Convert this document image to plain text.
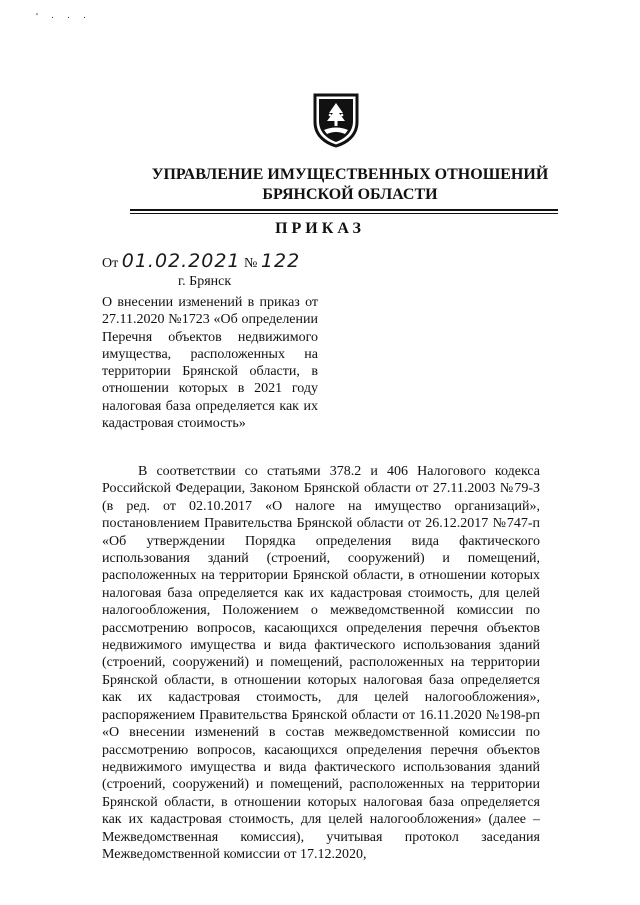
' · · ·
УПРАВЛЕНИЕ ИМУЩЕСТВЕННЫХ ОТНОШЕНИЙ
БРЯНСКОЙ ОБЛАСТИ
ПРИКАЗ
От 01.02.2021 № 122
г. Брянск
О внесении изменений в приказ от 27.11.2020 №1723 «Об определении Перечня объектов недвижимого имущества, расположенных на территории Брянской области, в отношении которых в 2021 году налоговая база определяется как их кадастровая стоимость»

В соответствии со статьями 378.2 и 406 Налогового кодекса Российской Федерации, Законом Брянской области от 27.11.2003 №79-З (в ред. от 02.10.2017 «О налоге на имущество организаций», постановлением Правительства Брянской области от 26.12.2017 №747-п «Об утверждении Порядка определения вида фактического использования зданий (строений, сооружений) и помещений, расположенных на территории Брянской области, в отношении которых налоговая база определяется как их кадастровая стоимость, для целей налогообложения, Положением о межведомственной комиссии по рассмотрению вопросов, касающихся определения перечня объектов недвижимого имущества и вида фактического использования зданий (строений, сооружений) и помещений, расположенных на территории Брянской области, в отношении которых налоговая база определяется как их кадастровая стоимость, для целей налогообложения», распоряжением Правительства Брянской области от 16.11.2020 №198-рп «О внесении изменений в состав межведомственной комиссии по рассмотрению вопросов, касающихся определения перечня объектов недвижимого имущества и вида фактического использования зданий (строений, сооружений) и помещений, расположенных на территории Брянской области, в отношении которых налоговая база определяется как их кадастровая стоимость, для целей налогообложения» (далее – Межведомственная комиссия), учитывая протокол заседания Межведомственной комиссии от 17.12.2020,
